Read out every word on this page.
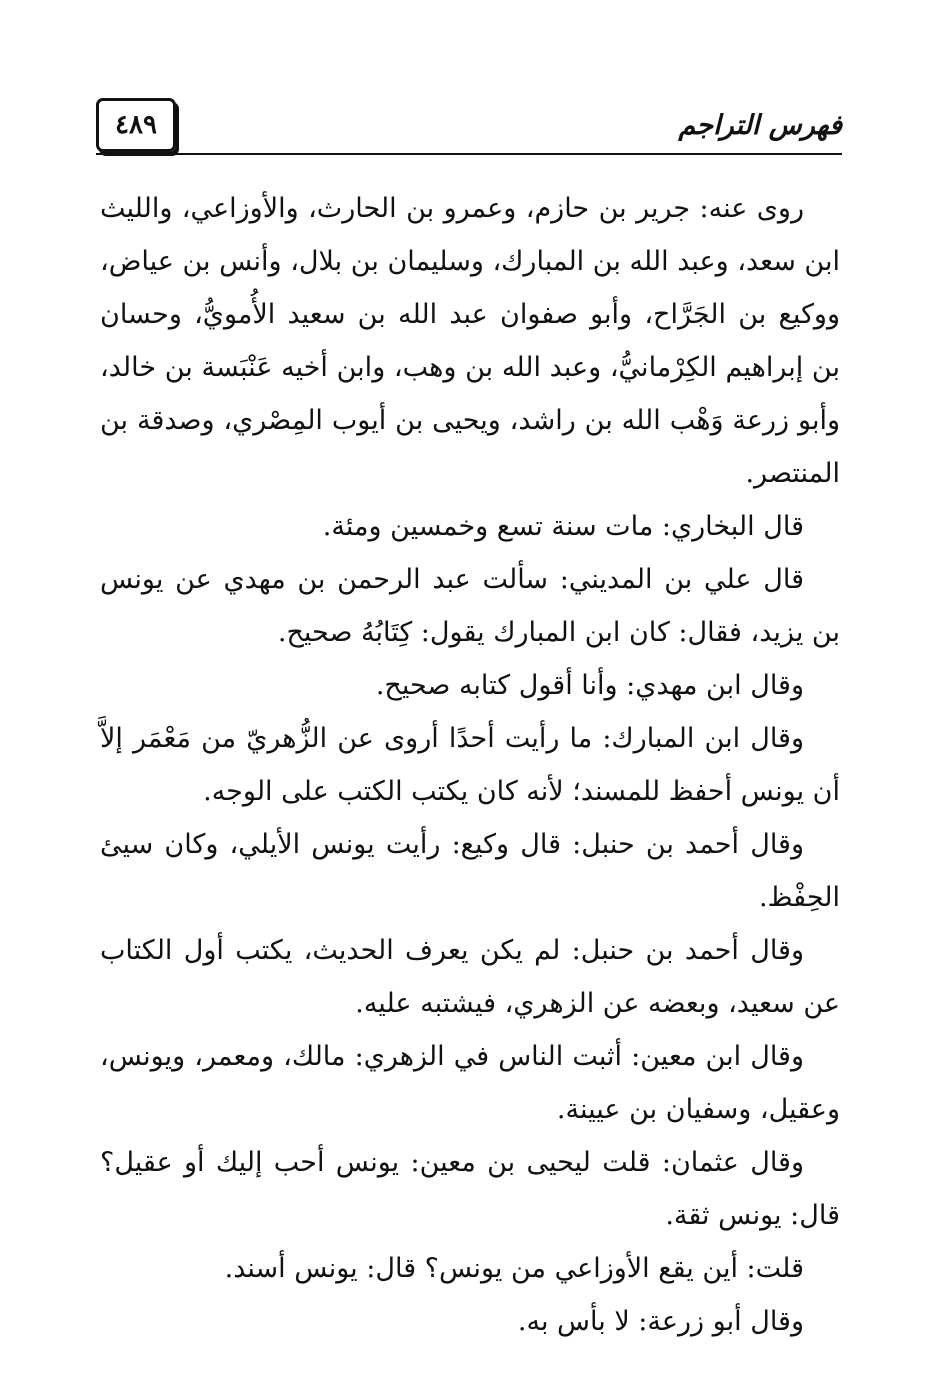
٤٨٩	فهرس التراجم

روى عنه: جرير بن حازم، وعمرو بن الحارث، والأوزاعي، والليث ابن سعد، وعبد الله بن المبارك، وسليمان بن بلال، وأنس بن عياض، ووكيع بن الجَرَّاح، وأبو صفوان عبد الله بن سعيد الأُمويُّ، وحسان بن إبراهيم الكِرْمانيُّ، وعبد الله بن وهب، وابن أخيه عَنْبَسة بن خالد، وأبو زرعة وَهْب الله بن راشد، ويحيى بن أيوب المِصْري، وصدقة بن المنتصر.

قال البخاري: مات سنة تسع وخمسين ومئة.

قال علي بن المديني: سألت عبد الرحمن بن مهدي عن يونس بن يزيد، فقال: كان ابن المبارك يقول: كِتَابُهُ صحيح.

وقال ابن مهدي: وأنا أقول كتابه صحيح.

وقال ابن المبارك: ما رأيت أحدًا أروى عن الزُّهريّ من مَعْمَر إلاَّ أن يونس أحفظ للمسند؛ لأنه كان يكتب الكتب على الوجه.

وقال أحمد بن حنبل: قال وكيع: رأيت يونس الأيلي، وكان سيئ الحِفْظ.

وقال أحمد بن حنبل: لم يكن يعرف الحديث، يكتب أول الكتاب عن سعيد، وبعضه عن الزهري، فيشتبه عليه.

وقال ابن معين: أثبت الناس في الزهري: مالك، ومعمر، ويونس، وعقيل، وسفيان بن عيينة.

وقال عثمان: قلت ليحيى بن معين: يونس أحب إليك أو عقيل؟ قال: يونس ثقة.

قلت: أين يقع الأوزاعي من يونس؟ قال: يونس أسند.

وقال أبو زرعة: لا بأس به.
